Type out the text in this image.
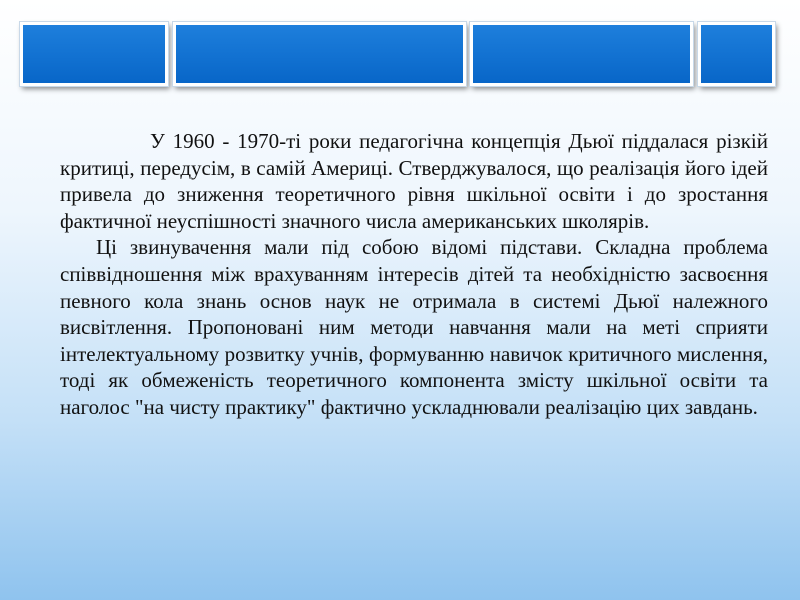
У 1960 - 1970-ті роки педагогічна концепція Дьюї піддалася різкій критиці, передусім, в самій Америці. Стверджувалося, що реалізація його ідей привела до зниження теоретичного рівня шкільної освіти і до зростання фактичної неуспішності значного числа американських школярів.

Ці звинувачення мали під собою відомі підстави. Складна проблема співвідношення між врахуванням інтересів дітей та необхідністю засвоєння певного кола знань основ наук не отримала в системі Дьюї належного висвітлення. Пропоновані ним методи навчання мали на меті сприяти інтелектуальному розвитку учнів, формуванню навичок критичного мислення, тоді як обмеженість теоретичного компонента змісту шкільної освіти та наголос "на чисту практику" фактично ускладнювали реалізацію цих завдань.
